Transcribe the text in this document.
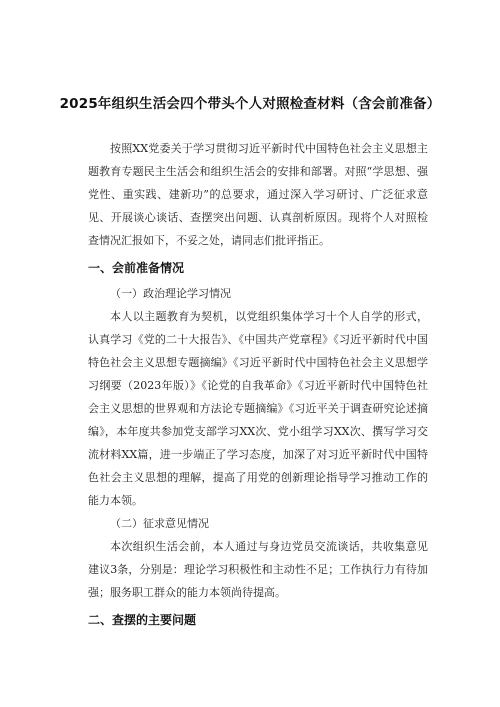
2025年组织生活会四个带头个人对照检查材料（含会前准备）

按照XX党委关于学习贯彻习近平新时代中国特色社会主义思想主题教育专题民主生活会和组织生活会的安排和部署。对照“学思想、强党性、重实践、建新功”的总要求，通过深入学习研讨、广泛征求意见、开展谈心谈话、查摆突出问题、认真剖析原因。现将个人对照检查情况汇报如下，不妥之处，请同志们批评指正。

一、会前准备情况

（一）政治理论学习情况

本人以主题教育为契机，以党组织集体学习十个人自学的形式，认真学习《党的二十大报告》、《中国共产党章程》《习近平新时代中国特色社会主义思想专题摘编》《习近平新时代中国特色社会主义思想学习纲要（2023年版）》《论党的自我革命》《习近平新时代中国特色社会主义思想的世界观和方法论专题摘编》《习近平关于调查研究论述摘编》，本年度共参加党支部学习XX次、党小组学习XX次、撰写学习交流材料XX篇，进一步端正了学习态度，加深了对习近平新时代中国特色社会主义思想的理解，提高了用党的创新理论指导学习推动工作的能力本领。

（二）征求意见情况

本次组织生活会前，本人通过与身边党员交流谈话，共收集意见建议3条，分别是：理论学习积极性和主动性不足；工作执行力有待加强；服务职工群众的能力本领尚待提高。

二、查摆的主要问题
